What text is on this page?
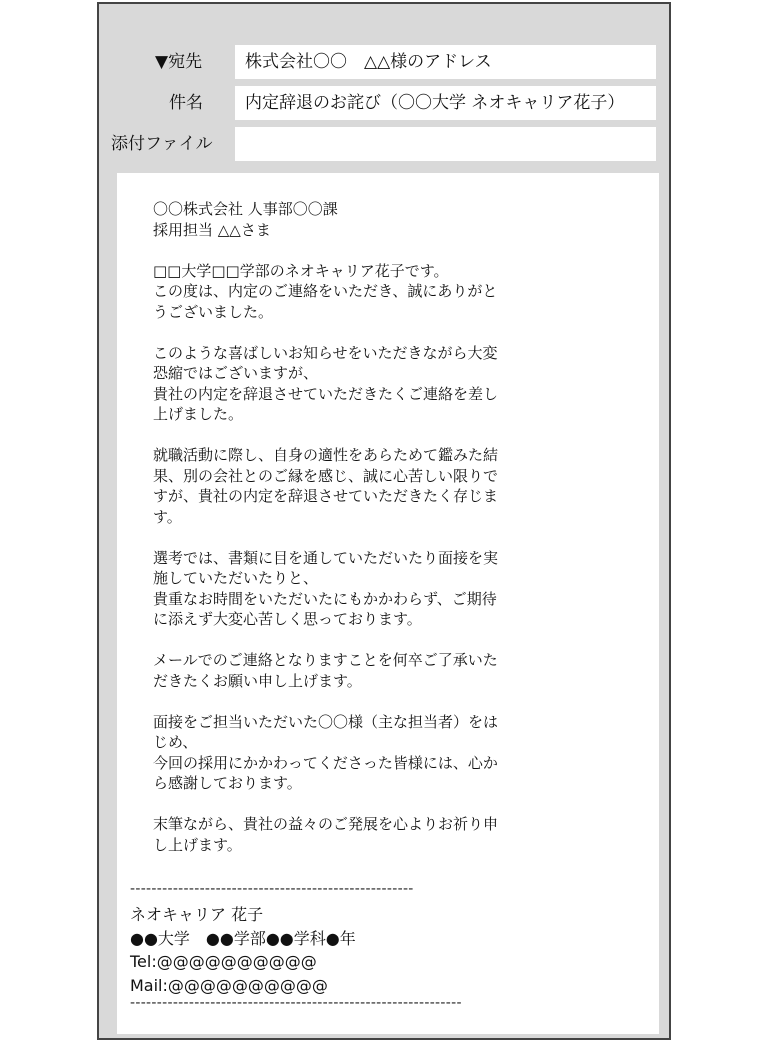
▼宛先	株式会社〇〇　△△様のアドレス
件名	内定辞退のお詫び（〇〇大学 ネオキャリア花子）
添付ファイル
〇〇株式会社 人事部〇〇課
採用担当 △△さま
□□大学□□学部のネオキャリア花子です。
この度は、内定のご連絡をいただき、誠にありがと
うございました。
このような喜ばしいお知らせをいただきながら大変
恐縮ではございますが、
貴社の内定を辞退させていただきたくご連絡を差し
上げました。
就職活動に際し、自身の適性をあらためて鑑みた結
果、別の会社とのご縁を感じ、誠に心苦しい限りで
すが、貴社の内定を辞退させていただきたく存じま
す。
選考では、書類に目を通していただいたり面接を実
施していただいたりと、
貴重なお時間をいただいたにもかかわらず、ご期待
に添えず大変心苦しく思っております。
メールでのご連絡となりますことを何卒ご了承いた
だきたくお願い申し上げます。
面接をご担当いただいた〇〇様（主な担当者）をは
じめ、
今回の採用にかかわってくださった皆様には、心か
ら感謝しております。
末筆ながら、貴社の益々のご発展を心よりお祈り申
し上げます。
-----------------------------------------------------
ネオキャリア 花子
●●大学　●●学部●●学科●年
Tel:@@@@@@@@@@
Mail:@@@@@@@@@@
--------------------------------------------------------------
